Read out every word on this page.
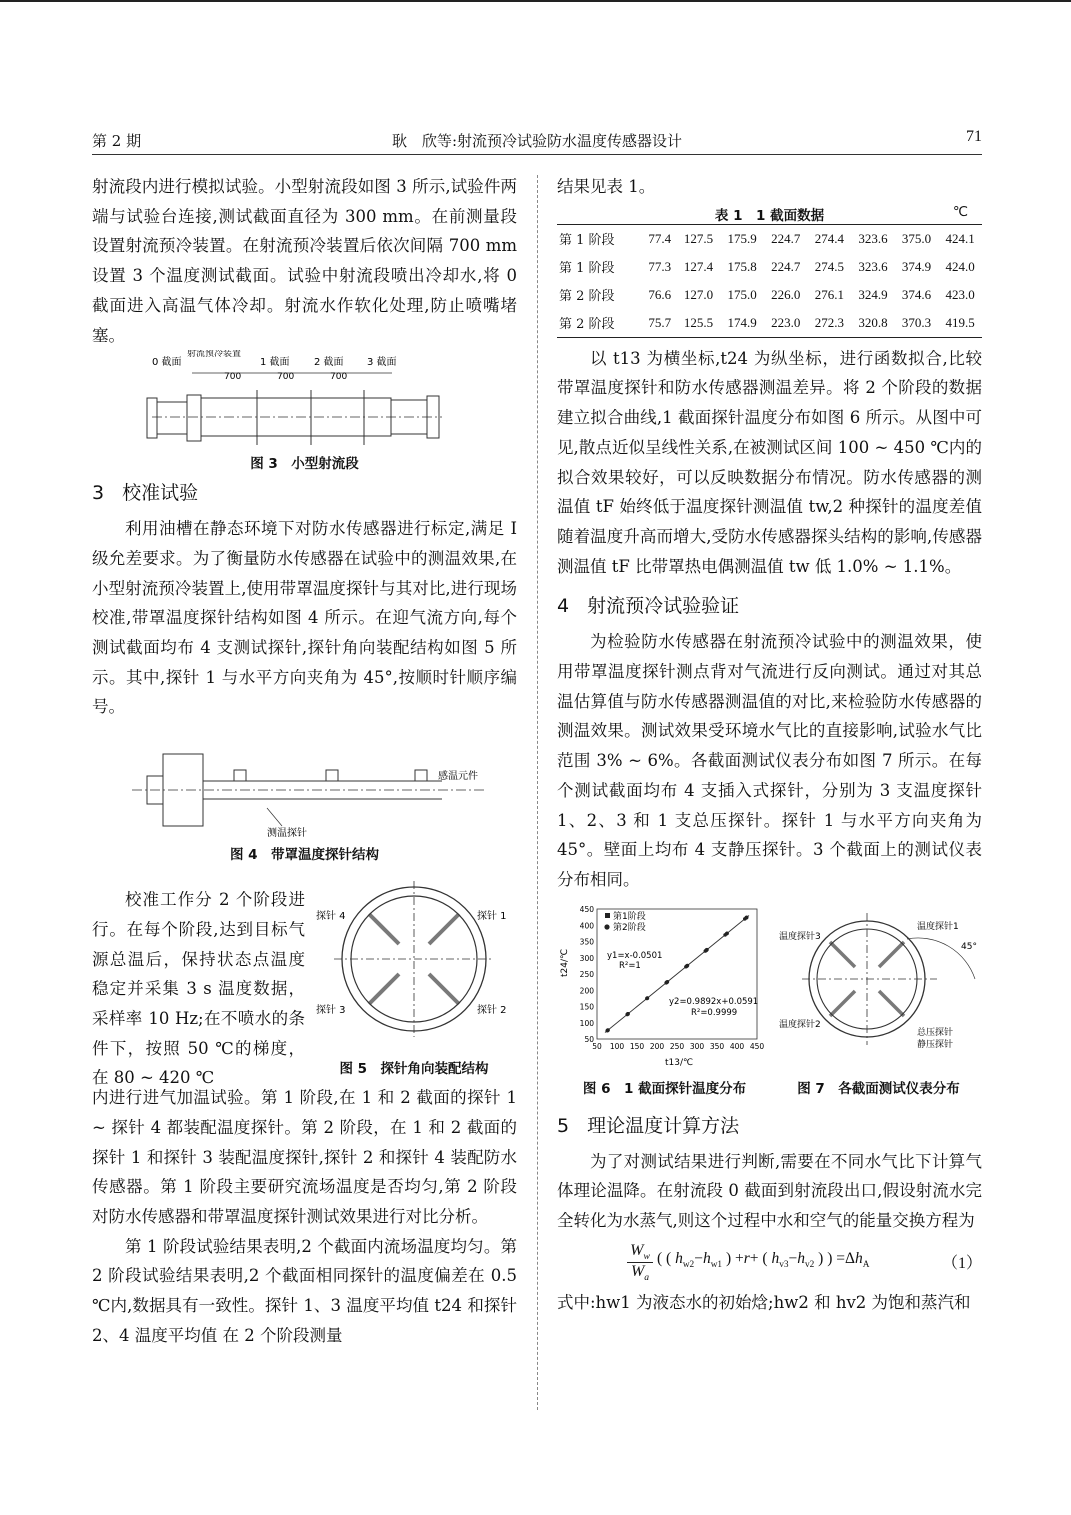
第 2 期	耿　欣等:射流预冷试验防水温度传感器设计	71

射流段内进行模拟试验。小型射流段如图 3 所示,试验件两端与试验台连接,测试截面直径为 300 mm。在前测量段设置射流预冷装置。在射流预冷装置后依次间隔 700 mm 设置 3 个温度测试截面。试验中射流段喷出冷却水,将 0 截面进入高温气体冷却。射流水作软化处理,防止喷嘴堵塞。

0 截面
射流预冷装置
1 截面 2 截面 3 截面
700	700	700
图 3　小型射流段
3 校准试验

利用油槽在静态环境下对防水传感器进行标定,满足 I 级允差要求。为了衡量防水传感器在试验中的测温效果,在小型射流预冷装置上,使用带罩温度探针与其对比,进行现场校准,带罩温度探针结构如图 4 所示。在迎气流方向,每个测试截面均布 4 支测试探针,探针角向装配结构如图 5 所示。其中,探针 1 与水平方向夹角为 45°,按顺时针顺序编号。

感温元件
测温探针
图 4　带罩温度探针结构

校准工作分 2 个阶段进行。在每个阶段,达到目标气源总温后，保持状态点温度稳定并采集 3 s 温度数据，采样率 10 Hz;在不喷水的条件下，按照 50 ℃的梯度，在 80 ~ 420 ℃

探针 4	探针 1
探针 3	探针 2
图 5　探针角向装配结构

内进行进气加温试验。第 1 阶段,在 1 和 2 截面的探针 1 ~ 探针 4 都装配温度探针。第 2 阶段，在 1 和 2 截面的探针 1 和探针 3 装配温度探针,探针 2 和探针 4 装配防水传感器。第 1 阶段主要研究流场温度是否均匀,第 2 阶段对防水传感器和带罩温度探针测试效果进行对比分析。

第 1 阶段试验结果表明,2 个截面内流场温度均匀。第 2 阶段试验结果表明,2 个截面相同探针的温度偏差在 0.5 ℃内,数据具有一致性。探针 1、3 温度平均值 t24 和探针 2、4 温度平均值 在 2 个阶段测量

结果见表 1。

表 1　1 截面数据	℃
第 1 阶段	77.4	127.5	175.9	224.7	274.4	323.6	375.0	424.1
第 1 阶段	77.3	127.4	175.8	224.7	274.5	323.6	374.9	424.0
第 2 阶段	76.6	127.0	175.0	226.0	276.1	324.9	374.6	423.0
第 2 阶段	75.7	125.5	174.9	223.0	272.3	320.8	370.3	419.5

以 t13 为横坐标,t24 为纵坐标，进行函数拟合,比较带罩温度探针和防水传感器测温差异。将 2 个阶段的数据建立拟合曲线,1 截面探针温度分布如图 6 所示。从图中可见,散点近似呈线性关系,在被测试区间 100 ~ 450 ℃内的拟合效果较好，可以反映数据分布情况。防水传感器的测温值 tF 始终低于温度探针测温值 tw,2 种探针的温度差值随着温度升高而增大,受防水传感器探头结构的影响,传感器测温值 tF 比带罩热电偶测温值 tw 低 1.0% ~ 1.1%。

4 射流预冷试验验证

为检验防水传感器在射流预冷试验中的测温效果，使用带罩温度探针测点背对气流进行反向测试。通过对其总温估算值与防水传感器测温值的对比,来检验防水传感器的测温效果。测试效果受环境水气比的直接影响,试验水气比范围 3% ~ 6%。各截面测试仪表分布如图 7 所示。在每个测试截面均布 4 支插入式探针，分别为 3 支温度探针 1、2、3 和 1 支总压探针。探针 1 与水平方向夹角为 45°。壁面上均布 4 支静压探针。3 个截面上的测试仪表分布相同。

50
100
150
200
250
300
350
400
450
50 100 150 200 250 300 350 400 450
第1阶段
第2阶段
y1=x-0.0501
R²=1
y2=0.9892x+0.0591
R²=0.9999
t13/℃
t24/℃
温度探针1
温度探针3
温度探针2
总压探针
静压探针
45°
图 6　1 截面探针温度分布	图 7　各截面测试仪表分布
5 理论温度计算方法

为了对测试结果进行判断,需要在不同水气比下计算气体理论温降。在射流段 0 截面到射流段出口,假设射流水完全转化为水蒸气,则这个过程中水和空气的能量交换方程为

$W_w$
$W_a$
( ( $h_{w2}-h_{w1}$ ) +r+ ( $h_{v3}-h_{v2}$ ) ) $=\Delta h_A$	（1）

式中:hw1 为液态水的初始焓;hw2 和 hv2 为饱和蒸汽和
